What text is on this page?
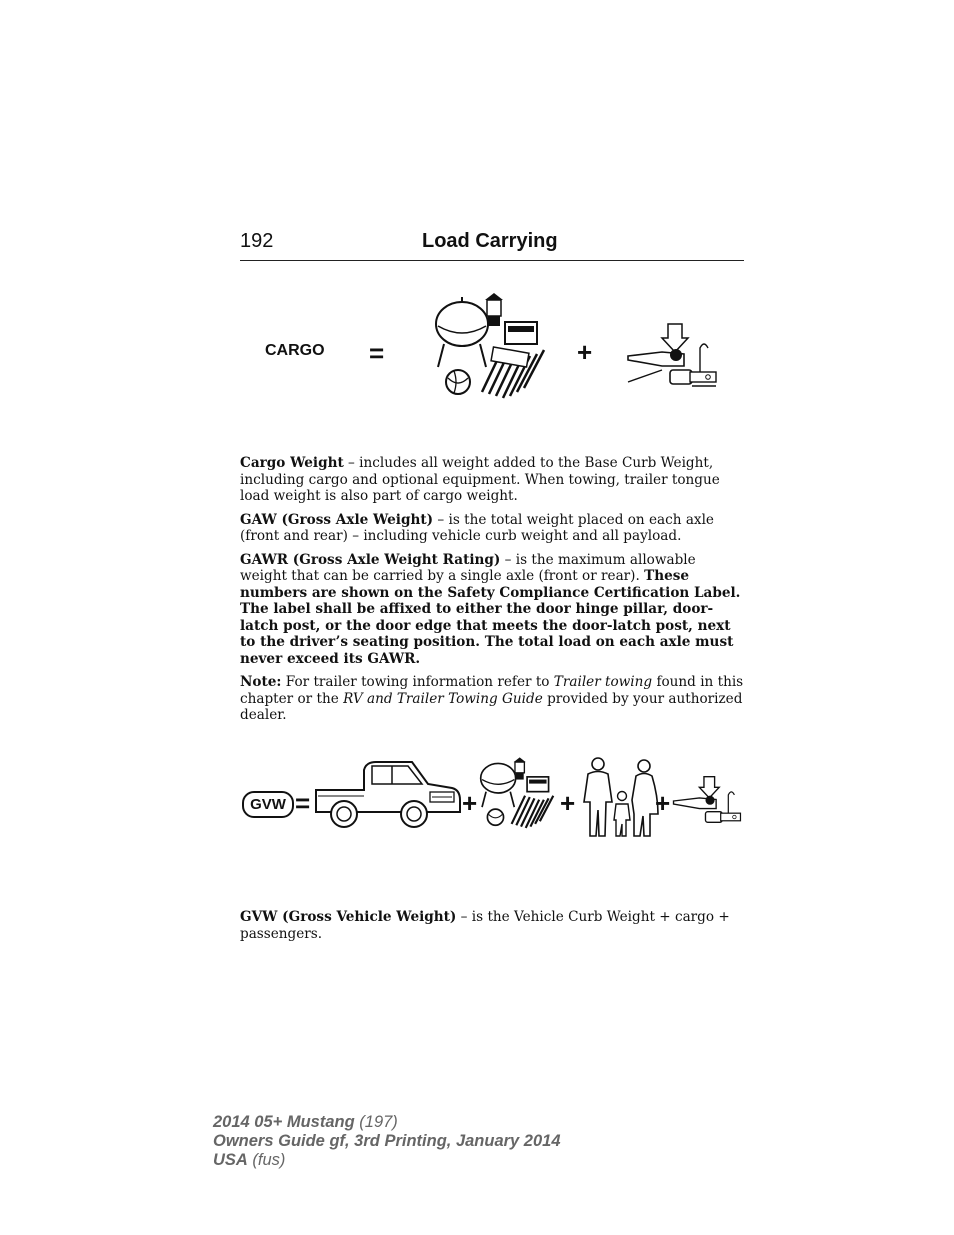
192	Load Carrying
CARGO =	+

Cargo Weight – includes all weight added to the Base Curb Weight, including cargo and optional equipment. When towing, trailer tongue load weight is also part of cargo weight.

GAW (Gross Axle Weight) – is the total weight placed on each axle (front and rear) – including vehicle curb weight and all payload.

GAWR (Gross Axle Weight Rating) – is the maximum allowable weight that can be carried by a single axle (front or rear). These numbers are shown on the Safety Compliance Certification Label. The label shall be affixed to either the door hinge pillar, door-latch post, or the door edge that meets the door-latch post, next to the driver’s seating position. The total load on each axle must never exceed its GAWR.

Note: For trailer towing information refer to Trailer towing found in this chapter or the RV and Trailer Towing Guide provided by your authorized dealer.

GVW =	+	+	+

GVW (Gross Vehicle Weight) – is the Vehicle Curb Weight + cargo + passengers.

2014 05+ Mustang (197)
Owners Guide gf, 3rd Printing, January 2014
USA (fus)
